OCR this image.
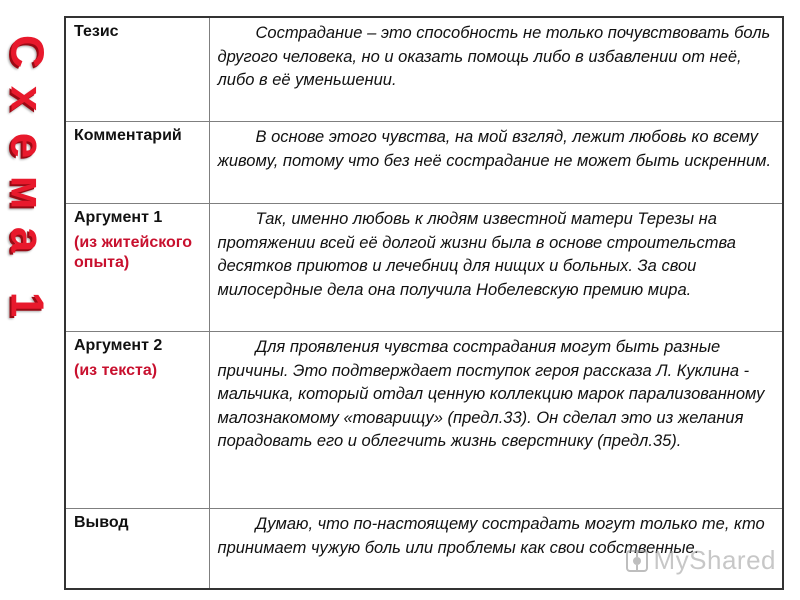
С
х
е
м
а
1
Тезис	Сострадание – это способность не только почувствовать боль другого человека, но и оказать помощь либо в избавлении от неё, либо в её уменьшении.

Комментарий	В основе этого чувства, на мой взгляд, лежит любовь ко всему живому, потому что без неё сострадание не может быть искренним.

Аргумент 1
(из житейского опыта)	Так, именно любовь к людям известной матери Терезы на протяжении всей её долгой жизни была в основе строительства десятков приютов и лечебниц для нищих и больных. За свои милосердные дела она получила Нобелевскую премию мира.

Аргумент 2
(из текста)	Для проявления чувства сострадания могут быть разные причины. Это подтверждает поступок героя рассказа Л. Куклина - мальчика, который отдал ценную коллекцию марок парализованному малознакомому «товарищу» (предл.33). Он сделал это из желания порадовать его и облегчить жизнь сверстнику (предл.35).

Вывод	Думаю, что по-настоящему сострадать могут только те, кто принимает чужую боль или проблемы как свои собственные.
MyShared
